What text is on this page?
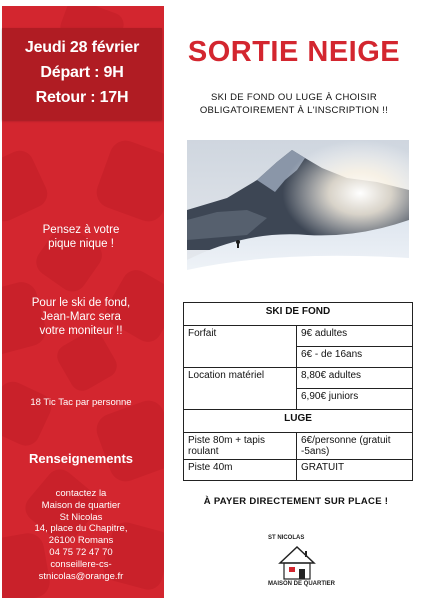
Jeudi 28 février
Départ : 9H
Retour : 17H
Pensez à votre
pique nique !
Pour le ski de fond,
Jean-Marc sera
votre moniteur !!
18 Tic Tac par personne
Renseignements
contactez la
Maison de quartier
St Nicolas
14, place du Chapitre,
26100 Romans
04 75 72 47 70
conseillere-cs-
stnicolas@orange.fr
SORTIE NEIGE
SKI DE FOND OU LUGE À CHOISIR
OBLIGATOIREMENT À L'INSCRIPTION !!
SKI DE FOND	
Forfait	9€ adultes
	6€ - de 16ans
Location matériel	8,80€ adultes
	6,90€ juniors
LUGE	
Piste 80m + tapis roulant	6€/personne (gratuit -5ans)
Piste 40m	GRATUIT
À PAYER DIRECTEMENT SUR PLACE !
ST NICOLAS
MAISON DE QUARTIER
